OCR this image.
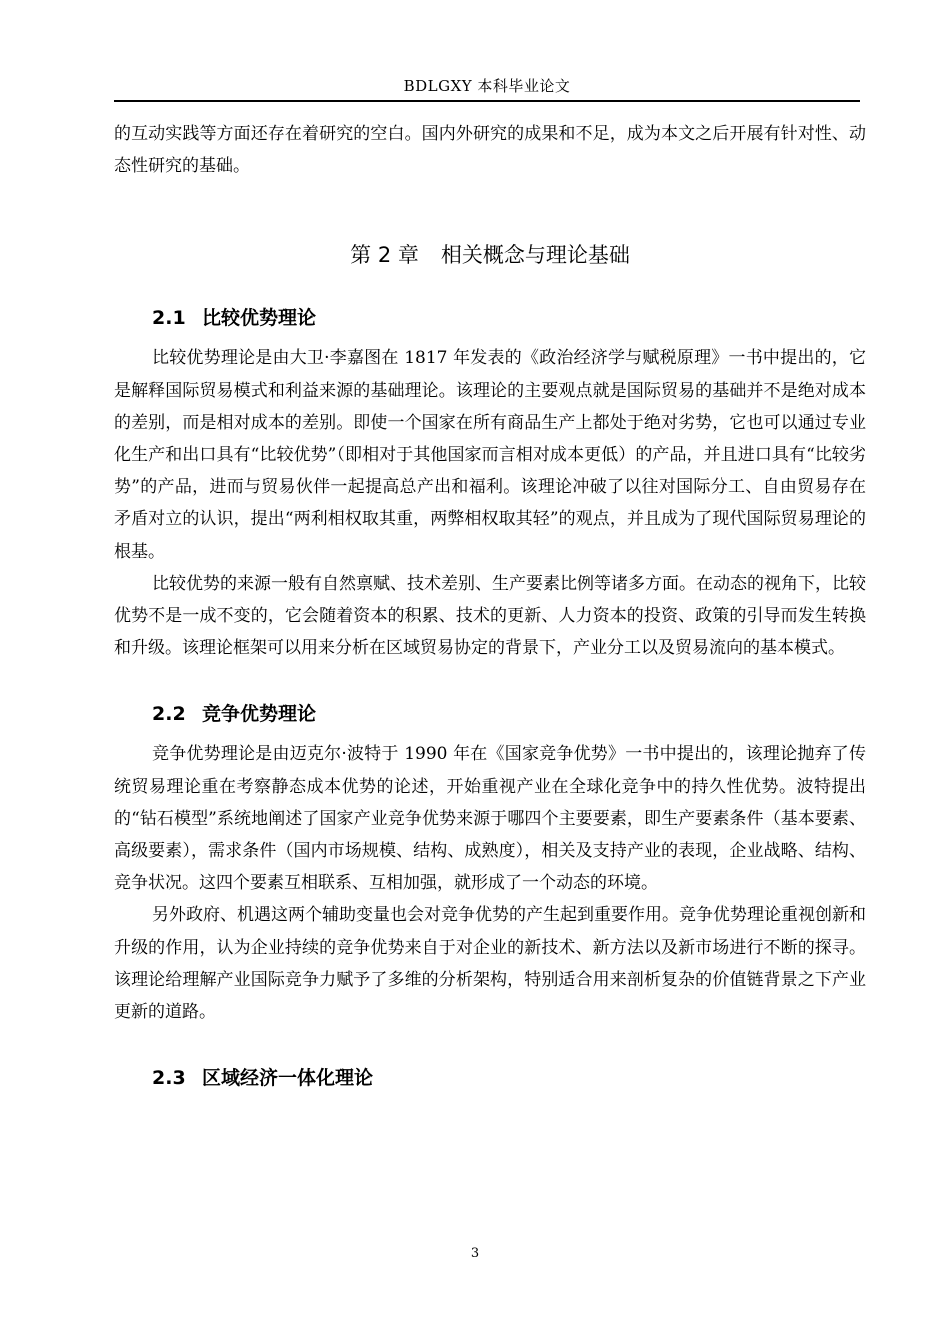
BDLGXY 本科毕业论文

的互动实践等方面还存在着研究的空白。国内外研究的成果和不足，成为本文之后开展有针对性、动态性研究的基础。

第 2 章 相关概念与理论基础
2.1 比较优势理论

比较优势理论是由大卫·李嘉图在 1817 年发表的《政治经济学与赋税原理》一书中提出的，它是解释国际贸易模式和利益来源的基础理论。该理论的主要观点就是国际贸易的基础并不是绝对成本的差别，而是相对成本的差别。即使一个国家在所有商品生产上都处于绝对劣势，它也可以通过专业化生产和出口具有“比较优势”（即相对于其他国家而言相对成本更低）的产品，并且进口具有“比较劣势”的产品，进而与贸易伙伴一起提高总产出和福利。该理论冲破了以往对国际分工、自由贸易存在矛盾对立的认识，提出“两利相权取其重，两弊相权取其轻”的观点，并且成为了现代国际贸易理论的根基。

比较优势的来源一般有自然禀赋、技术差别、生产要素比例等诸多方面。在动态的视角下，比较优势不是一成不变的，它会随着资本的积累、技术的更新、人力资本的投资、政策的引导而发生转换和升级。该理论框架可以用来分析在区域贸易协定的背景下，产业分工以及贸易流向的基本模式。

2.2 竞争优势理论

竞争优势理论是由迈克尔·波特于 1990 年在《国家竞争优势》一书中提出的，该理论抛弃了传统贸易理论重在考察静态成本优势的论述，开始重视产业在全球化竞争中的持久性优势。波特提出的“钻石模型”系统地阐述了国家产业竞争优势来源于哪四个主要要素，即生产要素条件（基本要素、高级要素），需求条件（国内市场规模、结构、成熟度），相关及支持产业的表现，企业战略、结构、竞争状况。这四个要素互相联系、互相加强，就形成了一个动态的环境。

另外政府、机遇这两个辅助变量也会对竞争优势的产生起到重要作用。竞争优势理论重视创新和升级的作用，认为企业持续的竞争优势来自于对企业的新技术、新方法以及新市场进行不断的探寻。该理论给理解产业国际竞争力赋予了多维的分析架构，特别适合用来剖析复杂的价值链背景之下产业更新的道路。

2.3 区域经济一体化理论
3
